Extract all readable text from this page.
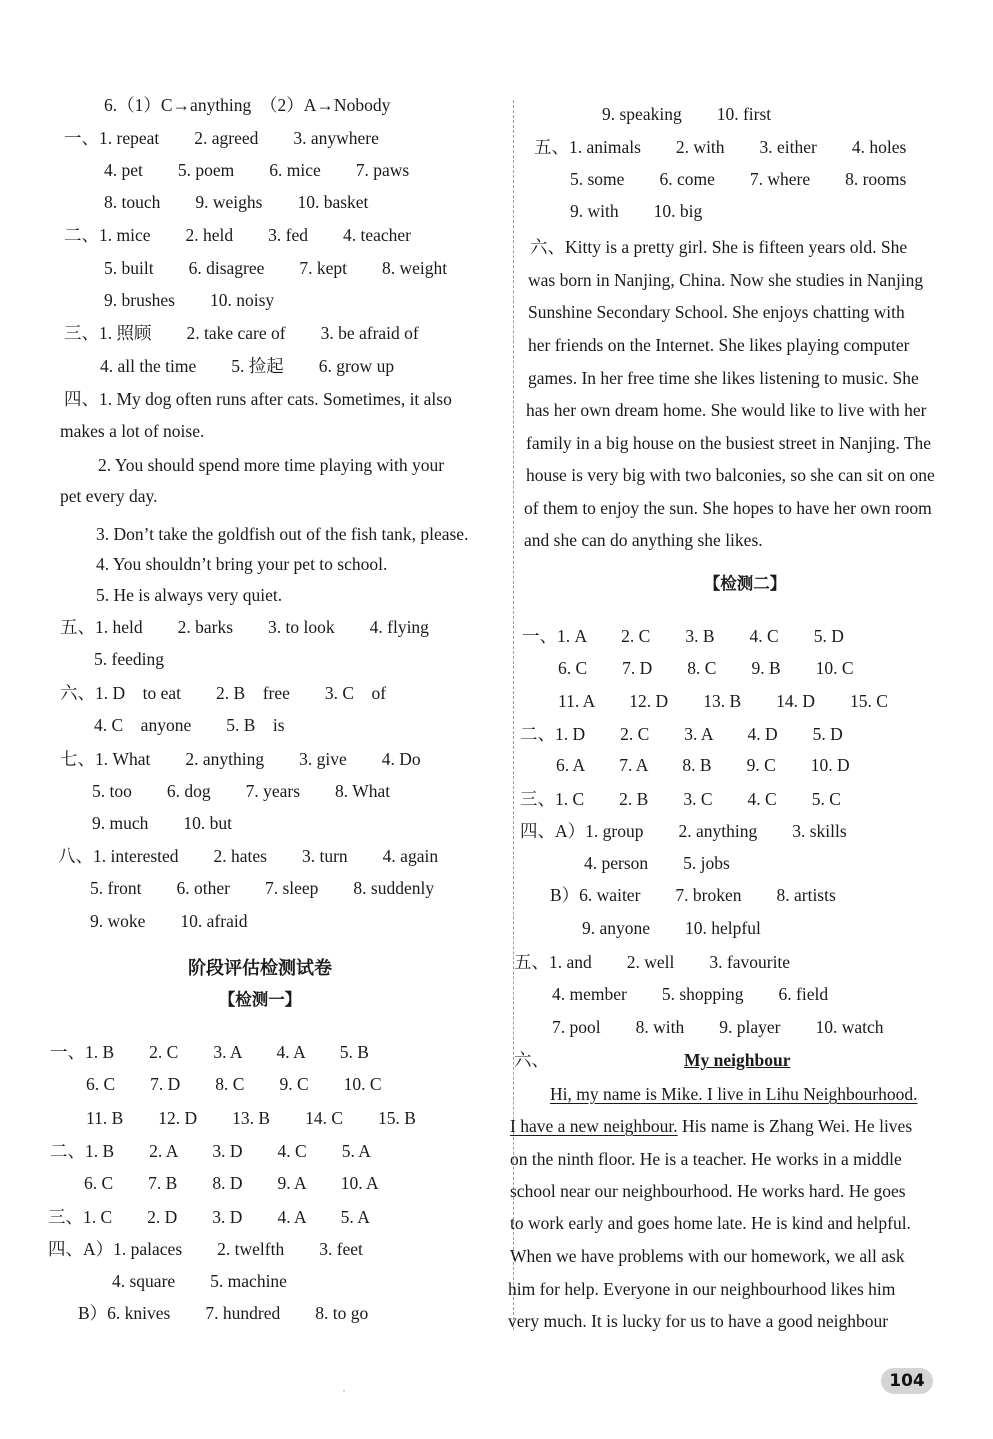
6.（1）C→anything　（2）A→Nobody
一、1. repeat　　2. agreed　　3. anywhere
4. pet　　5. poem　　6. mice　　7. paws
8. touch　　9. weighs　　10. basket
二、1. mice　　2. held　　3. fed　　4. teacher
5. built　　6. disagree　　7. kept　　8. weight
9. brushes　　10. noisy
三、1. 照顾　　2. take care of　　3. be afraid of
4. all the time　　5. 捡起　　6. grow up
四、1. My dog often runs after cats. Sometimes, it also
makes a lot of noise.
2. You should spend more time playing with your
pet every day.
3. Don’t take the goldfish out of the fish tank, please.
4. You shouldn’t bring your pet to school.
5. He is always very quiet.
五、1. held　　2. barks　　3. to look　　4. flying
5. feeding
六、1. D　to eat　　2. B　free　　3. C　of
4. C　anyone　　5. B　is
七、1. What　　2. anything　　3. give　　4. Do
5. too　　6. dog　　7. years　　8. What
9. much　　10. but
八、1. interested　　2. hates　　3. turn　　4. again
5. front　　6. other　　7. sleep　　8. suddenly
9. woke　　10. afraid
阶段评估检测试卷
【检测一】
一、1. B　　2. C　　3. A　　4. A　　5. B
6. C　　7. D　　8. C　　9. C　　10. C
11. B　　12. D　　13. B　　14. C　　15. B
二、1. B　　2. A　　3. D　　4. C　　5. A
6. C　　7. B　　8. D　　9. A　　10. A
三、1. C　　2. D　　3. D　　4. A　　5. A
四、A）1. palaces　　2. twelfth　　3. feet
4. square　　5. machine
B）6. knives　　7. hundred　　8. to go
9. speaking　　10. first
五、1. animals　　2. with　　3. either　　4. holes
5. some　　6. come　　7. where　　8. rooms
9. with　　10. big
六、Kitty is a pretty girl. She is fifteen years old. She
was born in Nanjing, China. Now she studies in Nanjing
Sunshine Secondary School. She enjoys chatting with
her friends on the Internet. She likes playing computer
games. In her free time she likes listening to music. She
has her own dream home. She would like to live with her
family in a big house on the busiest street in Nanjing. The
house is very big with two balconies, so she can sit on one
of them to enjoy the sun. She hopes to have her own room
and she can do anything she likes.
【检测二】
一、1. A　　2. C　　3. B　　4. C　　5. D
6. C　　7. D　　8. C　　9. B　　10. C
11. A　　12. D　　13. B　　14. D　　15. C
二、1. D　　2. C　　3. A　　4. D　　5. D
6. A　　7. A　　8. B　　9. C　　10. D
三、1. C　　2. B　　3. C　　4. C　　5. C
四、A）1. group　　2. anything　　3. skills
4. person　　5. jobs
B）6. waiter　　7. broken　　8. artists
9. anyone　　10. helpful
五、1. and　　2. well　　3. favourite
4. member　　5. shopping　　6. field
7. pool　　8. with　　9. player　　10. watch
六、	My neighbour
Hi, my name is Mike. I live in Lihu Neighbourhood.
I have a new neighbour. His name is Zhang Wei. He lives
on the ninth floor. He is a teacher. He works in a middle
school near our neighbourhood. He works hard. He goes
to work early and goes home late. He is kind and helpful.
When we have problems with our homework, we all ask
him for help. Everyone in our neighbourhood likes him
very much. It is lucky for us to have a good neighbour
104
